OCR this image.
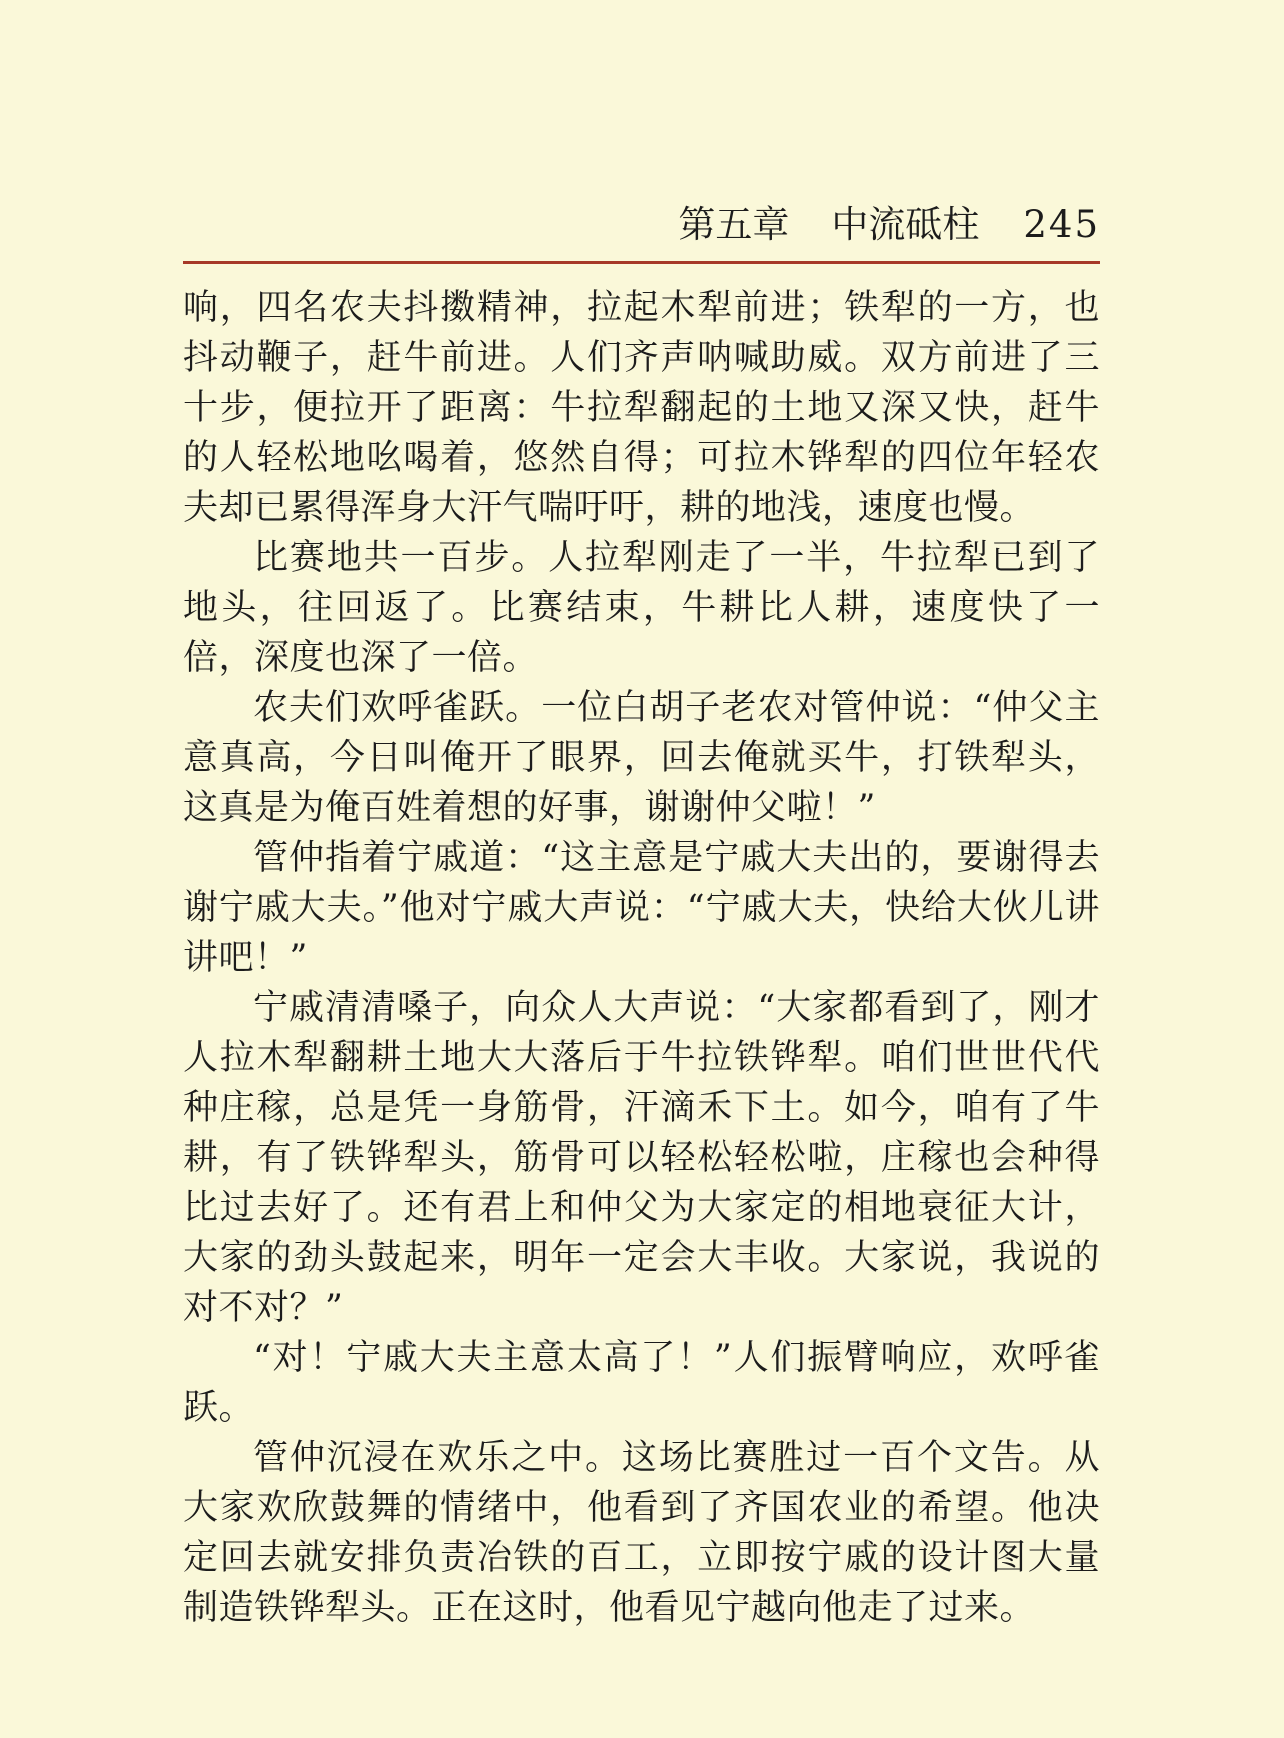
第五章 中流砥柱 245

响，四名农夫抖擞精神，拉起木犁前进；铁犁的一方，也抖动鞭子，赶牛前进。人们齐声呐喊助威。双方前进了三十步，便拉开了距离：牛拉犁翻起的土地又深又快，赶牛的人轻松地吆喝着，悠然自得；可拉木铧犁的四位年轻农夫却已累得浑身大汗气喘吁吁，耕的地浅，速度也慢。

比赛地共一百步。人拉犁刚走了一半，牛拉犁已到了地头，往回返了。比赛结束，牛耕比人耕，速度快了一倍，深度也深了一倍。

农夫们欢呼雀跃。一位白胡子老农对管仲说：“仲父主意真高，今日叫俺开了眼界，回去俺就买牛，打铁犁头，这真是为俺百姓着想的好事，谢谢仲父啦！”

管仲指着宁戚道：“这主意是宁戚大夫出的，要谢得去谢宁戚大夫。”他对宁戚大声说：“宁戚大夫，快给大伙儿讲讲吧！”

宁戚清清嗓子，向众人大声说：“大家都看到了，刚才人拉木犁翻耕土地大大落后于牛拉铁铧犁。咱们世世代代种庄稼，总是凭一身筋骨，汗滴禾下土。如今，咱有了牛耕，有了铁铧犁头，筋骨可以轻松轻松啦，庄稼也会种得比过去好了。还有君上和仲父为大家定的相地衰征大计，大家的劲头鼓起来，明年一定会大丰收。大家说，我说的对不对？”

“对！宁戚大夫主意太高了！”人们振臂响应，欢呼雀跃。

管仲沉浸在欢乐之中。这场比赛胜过一百个文告。从大家欢欣鼓舞的情绪中，他看到了齐国农业的希望。他决定回去就安排负责冶铁的百工，立即按宁戚的设计图大量制造铁铧犁头。正在这时，他看见宁越向他走了过来。
